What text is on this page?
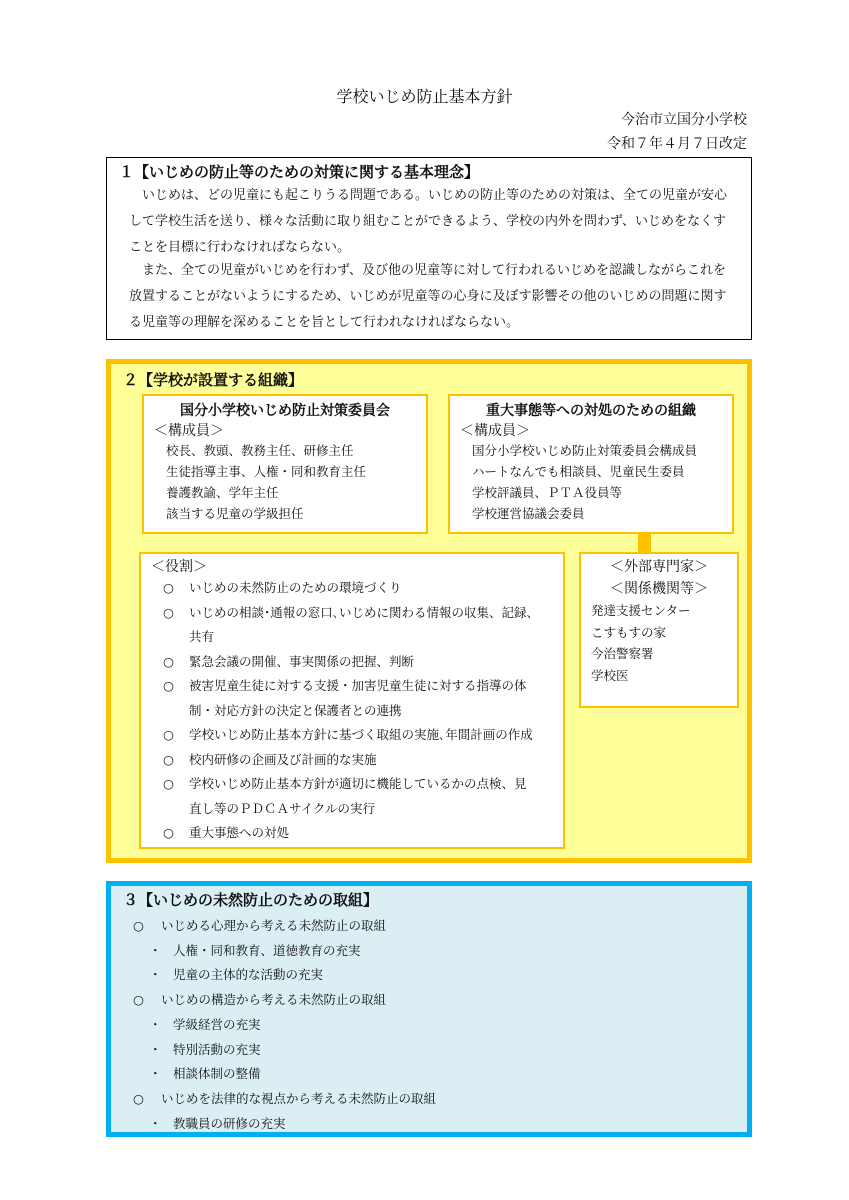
学校いじめ防止基本方針
今治市立国分小学校
令和７年４月７日改定
１【いじめの防止等のための対策に関する基本理念】
　いじめは、どの児童にも起こりうる問題である。いじめの防止等のための対策は、全ての児童が安心
して学校生活を送り、様々な活動に取り組むことができるよう、学校の内外を問わず、いじめをなくす
ことを目標に行わなければならない。
　また、全ての児童がいじめを行わず、及び他の児童等に対して行われるいじめを認識しながらこれを
放置することがないようにするため、いじめが児童等の心身に及ぼす影響その他のいじめの問題に関す
る児童等の理解を深めることを旨として行われなければならない。
２【学校が設置する組織】
国分小学校いじめ防止対策委員会
＜構成員＞
校長、教頭、教務主任、研修主任
生徒指導主事、人権・同和教育主任
養護教諭、学年主任
該当する児童の学級担任
重大事態等への対処のための組織
＜構成員＞
国分小学校いじめ防止対策委員会構成員
ハートなんでも相談員、児童民生委員
学校評議員、ＰＴＡ役員等
学校運営協議会委員
＜役割＞
○ いじめの未然防止のための環境づくり
○ いじめの相談･通報の窓口､いじめに関わる情報の収集、記録、
共有
○ 緊急会議の開催、事実関係の把握、判断
○ 被害児童生徒に対する支援・加害児童生徒に対する指導の体
制・対応方針の決定と保護者との連携
○ 学校いじめ防止基本方針に基づく取組の実施､年間計画の作成
○ 校内研修の企画及び計画的な実施
○ 学校いじめ防止基本方針が適切に機能しているかの点検、見
直し等のＰＤＣＡサイクルの実行
○ 重大事態への対処
＜外部専門家＞
＜関係機関等＞
発達支援センター
こすもすの家
今治警察署
学校医
３【いじめの未然防止のための取組】
○ いじめる心理から考える未然防止の取組
・ 人権・同和教育、道徳教育の充実
・ 児童の主体的な活動の充実
○ いじめの構造から考える未然防止の取組
・ 学級経営の充実
・ 特別活動の充実
・ 相談体制の整備
○ いじめを法律的な視点から考える未然防止の取組
・ 教職員の研修の充実
